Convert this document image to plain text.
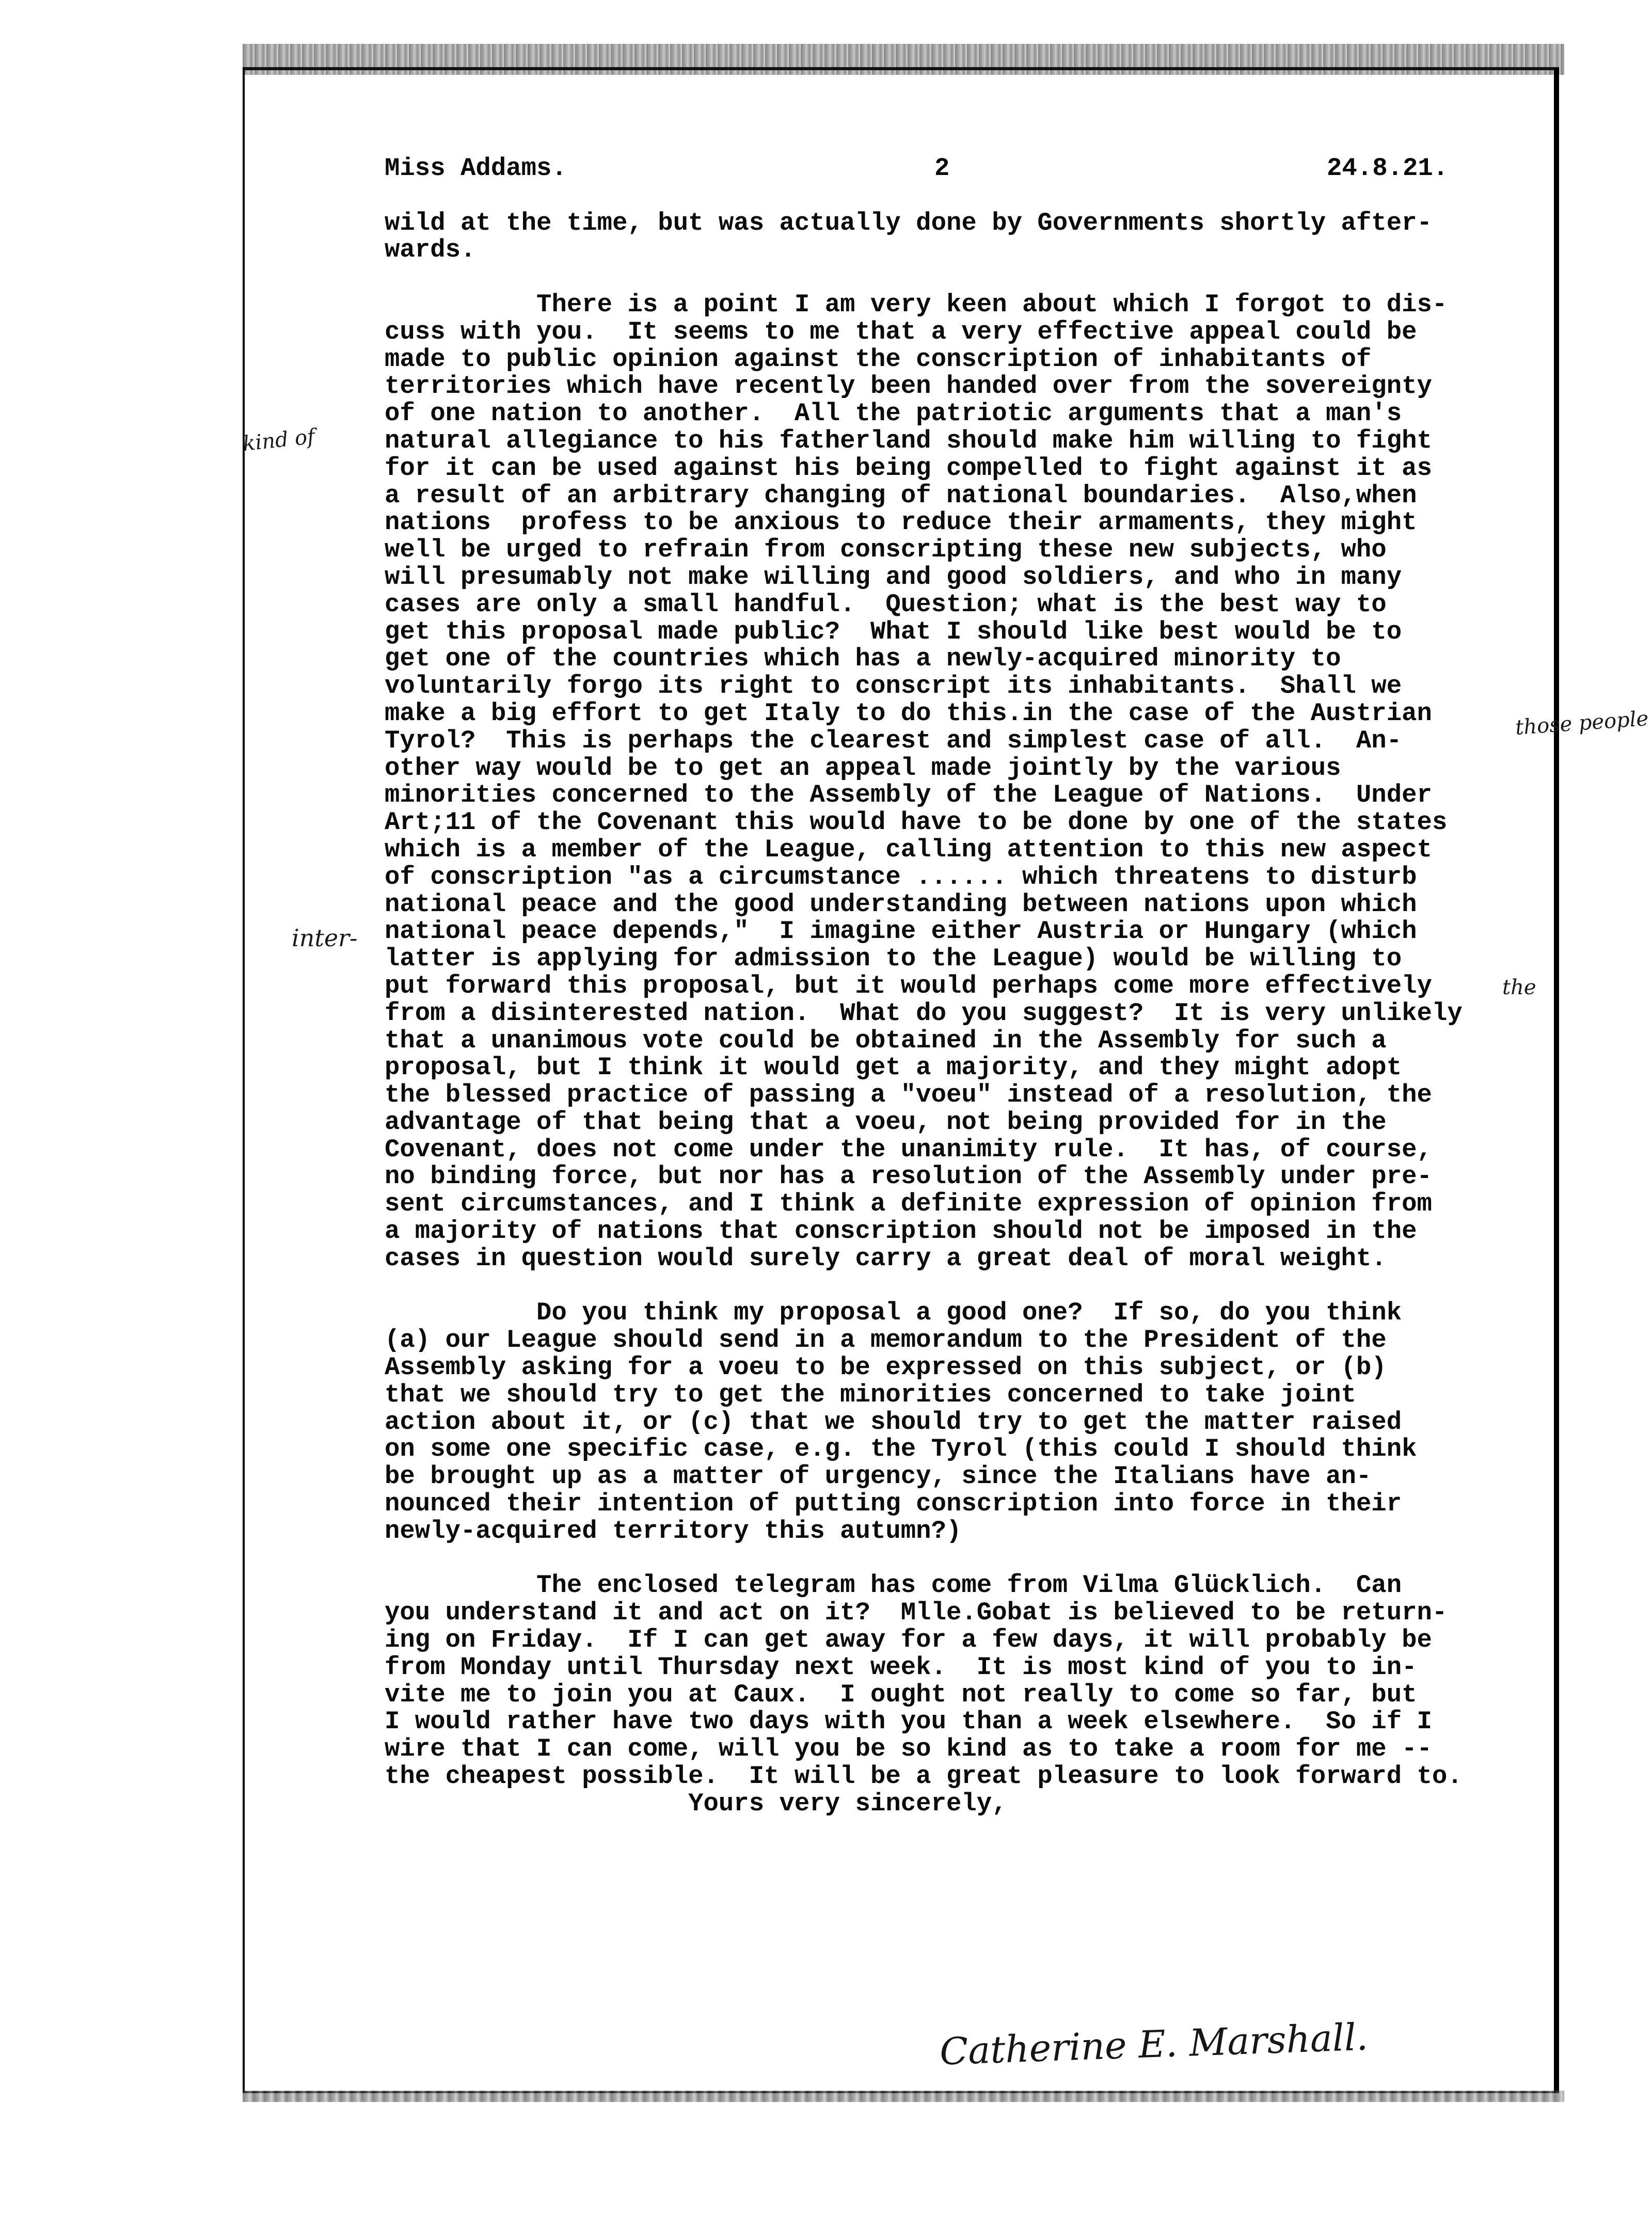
Miss Addams.	2	24.8.21.
wild at the time, but was actually done by Governments shortly after-
wards.
There is a point I am very keen about which I forgot to dis-
cuss with you.  It seems to me that a very effective appeal could be
made to public opinion against the conscription of inhabitants of
territories which have recently been handed over from the sovereignty
of one nation to another.  All the patriotic arguments that a man's
natural allegiance to his fatherland should make him willing to fight
for it can be used against his being compelled to fight against it as
a result of an arbitrary changing of national boundaries.  Also,when
nations  profess to be anxious to reduce their armaments, they might
well be urged to refrain from conscripting these new subjects, who
will presumably not make willing and good soldiers, and who in many
cases are only a small handful.  Question; what is the best way to
get this proposal made public?  What I should like best would be to
get one of the countries which has a newly-acquired minority to
voluntarily forgo its right to conscript its inhabitants.  Shall we
make a big effort to get Italy to do this.in the case of the Austrian
Tyrol?  This is perhaps the clearest and simplest case of all.  An-
other way would be to get an appeal made jointly by the various
minorities concerned to the Assembly of the League of Nations.  Under
Art;11 of the Covenant this would have to be done by one of the states
which is a member of the League, calling attention to this new aspect
of conscription "as a circumstance ...... which threatens to disturb
national peace and the good understanding between nations upon which
national peace depends,"  I imagine either Austria or Hungary (which
latter is applying for admission to the League) would be willing to
put forward this proposal, but it would perhaps come more effectively
from a disinterested nation.  What do you suggest?  It is very unlikely
that a unanimous vote could be obtained in the Assembly for such a
proposal, but I think it would get a majority, and they might adopt
the blessed practice of passing a "voeu" instead of a resolution, the
advantage of that being that a voeu, not being provided for in the
Covenant, does not come under the unanimity rule.  It has, of course,
no binding force, but nor has a resolution of the Assembly under pre-
sent circumstances, and I think a definite expression of opinion from
a majority of nations that conscription should not be imposed in the
cases in question would surely carry a great deal of moral weight.
Do you think my proposal a good one?  If so, do you think
(a) our League should send in a memorandum to the President of the
Assembly asking for a voeu to be expressed on this subject, or (b)
that we should try to get the minorities concerned to take joint
action about it, or (c) that we should try to get the matter raised
on some one specific case, e.g. the Tyrol (this could I should think
be brought up as a matter of urgency, since the Italians have an-
nounced their intention of putting conscription into force in their
newly-acquired territory this autumn?)
The enclosed telegram has come from Vilma Glücklich.  Can
you understand it and act on it?  Mlle.Gobat is believed to be return-
ing on Friday.  If I can get away for a few days, it will probably be
from Monday until Thursday next week.  It is most kind of you to in-
vite me to join you at Caux.  I ought not really to come so far, but
I would rather have two days with you than a week elsewhere.  So if I
wire that I can come, will you be so kind as to take a room for me --
the cheapest possible.  It will be a great pleasure to look forward to.
Yours very sincerely,
kind of
those people
inter-
the
Catherine E. Marshall.
